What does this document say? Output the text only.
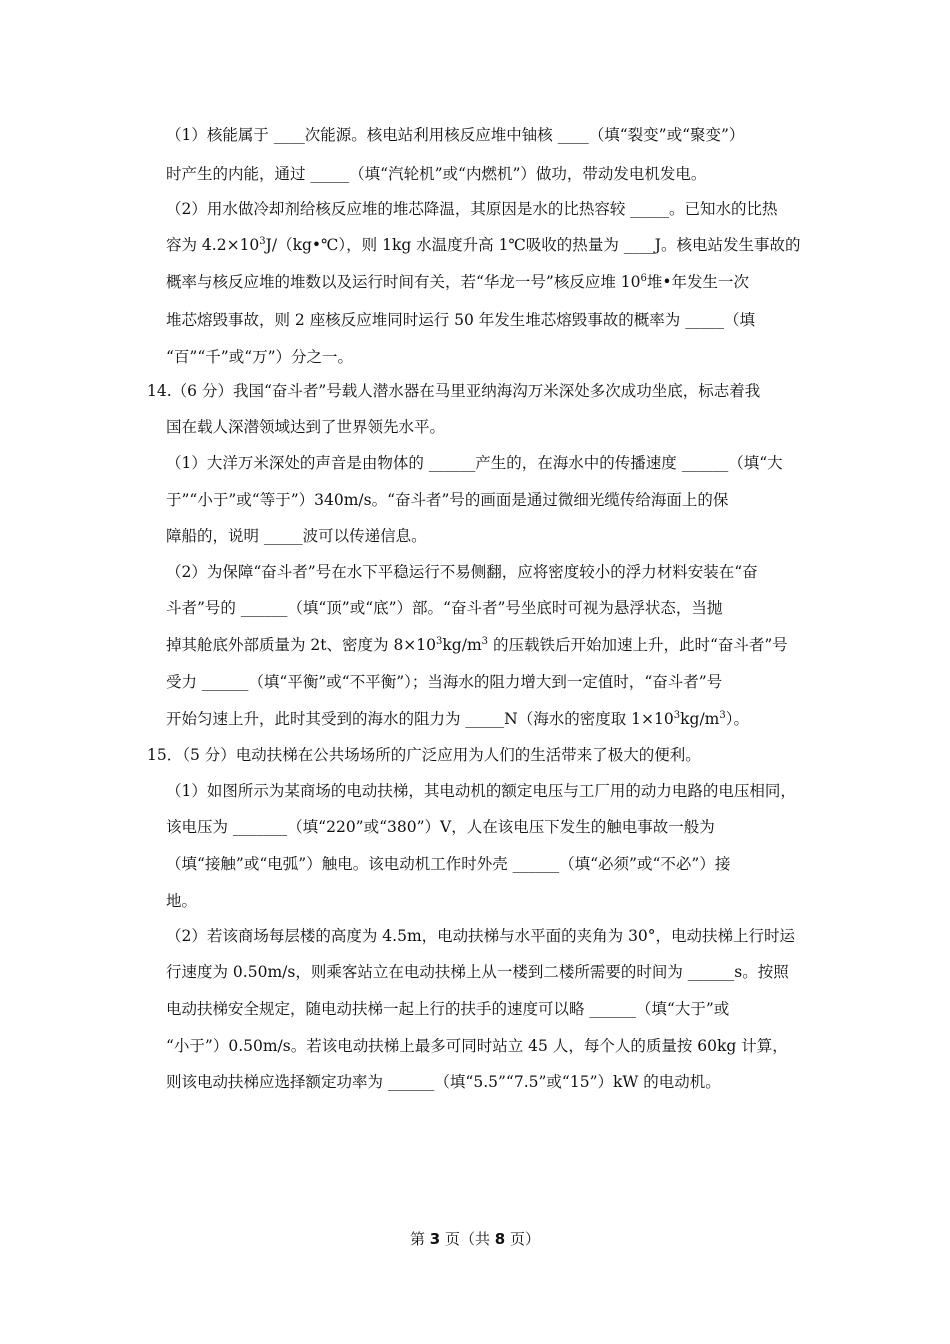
（1）核能属于 ____次能源。核电站利用核反应堆中铀核 ____（填“裂变”或“聚变”）
时产生的内能，通过 _____（填“汽轮机”或“内燃机”）做功，带动发电机发电。
（2）用水做冷却剂给核反应堆的堆芯降温，其原因是水的比热容较 _____。已知水的比热
容为 $4.2\times 10^3J/(kg•℃)$，则 1kg 水温度升高 1℃吸收的热量为 ____J。核电站发生事故的
概率与核反应堆的堆数以及运行时间有关，若“华龙一号”核反应堆 $10^6$堆•年发生一次
堆芯熔毁事故，则 2 座核反应堆同时运行 50 年发生堆芯熔毁事故的概率为 _____（填
“百”“千”或“万”）分之一。
14.（6 分）我国“奋斗者”号载人潜水器在马里亚纳海沟万米深处多次成功坐底，标志着我
国在载人深潜领域达到了世界领先水平。
（1）大洋万米深处的声音是由物体的 ______产生的，在海水中的传播速度 ______（填“大
于”“小于”或“等于”）340m/s。“奋斗者”号的画面是通过微细光缆传给海面上的保
障船的，说明 _____波可以传递信息。
（2）为保障“奋斗者”号在水下平稳运行不易侧翻，应将密度较小的浮力材料安装在“奋
斗者”号的 ______（填“顶”或“底”）部。“奋斗者”号坐底时可视为悬浮状态，当抛
掉其舱底外部质量为 2t、密度为 $8\times 10^3kg/m^3$ 的压载铁后开始加速上升，此时“奋斗者”号
受力 ______（填“平衡”或“不平衡”）；当海水的阻力增大到一定值时，“奋斗者”号
开始匀速上升，此时其受到的海水的阻力为 _____N（海水的密度取 $1\times 10^3kg/m^3$）。
15．（5 分）电动扶梯在公共场场所的广泛应用为人们的生活带来了极大的便利。
（1）如图所示为某商场的电动扶梯，其电动机的额定电压与工厂用的动力电路的电压相同，
该电压为 _______（填“220”或“380”）V，人在该电压下发生的触电事故一般为
（填“接触”或“电弧”）触电。该电动机工作时外壳 ______（填“必须”或“不必”）接
地。
（2）若该商场每层楼的高度为 4.5m，电动扶梯与水平面的夹角为 30°，电动扶梯上行时运
行速度为 0.50m/s，则乘客站立在电动扶梯上从一楼到二楼所需要的时间为 ______s。按照
电动扶梯安全规定，随电动扶梯一起上行的扶手的速度可以略 ______（填“大于”或
“小于”）0.50m/s。若该电动扶梯上最多可同时站立 45 人，每个人的质量按 60kg 计算，
则该电动扶梯应选择额定功率为 ______（填“5.5”“7.5”或“15”）kW 的电动机。
第 3 页（共 8 页）
